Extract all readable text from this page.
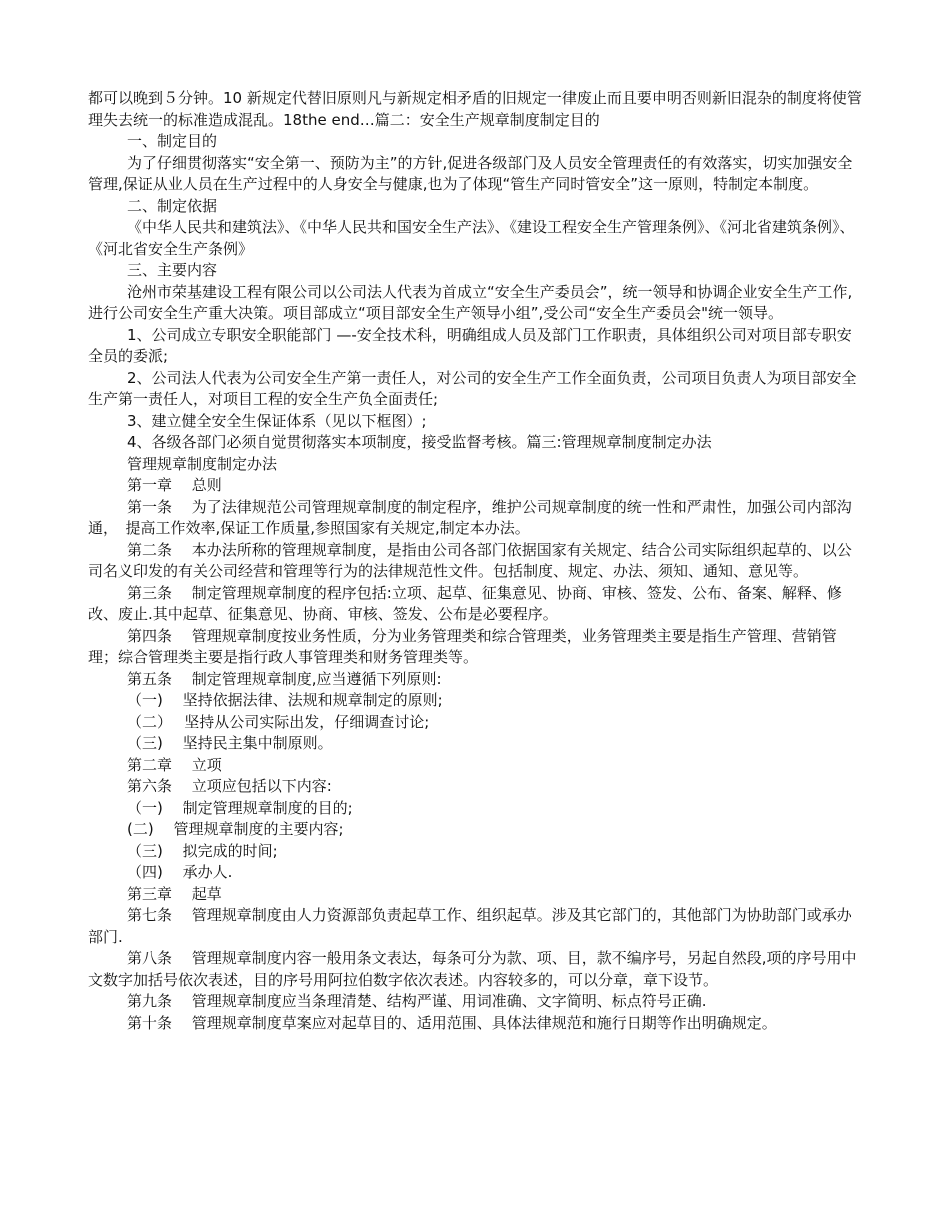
都可以晚到５分钟。10 新规定代替旧原则凡与新规定相矛盾的旧规定一律废止而且要申明否则新旧混杂的制度将使管理失去统一的标准造成混乱。18the end…篇二：安全生产规章制度制定目的

一、制定目的

为了仔细贯彻落实“安全第一、预防为主”的方针,促进各级部门及人员安全管理责任的有效落实，切实加强安全管理,保证从业人员在生产过程中的人身安全与健康,也为了体现“管生产同时管安全”这一原则，特制定本制度。

二、制定依据

《中华人民共和建筑法》、《中华人民共和国安全生产法》、《建设工程安全生产管理条例》、《河北省建筑条例》、《河北省安全生产条例》

三、主要内容

沧州市荣基建设工程有限公司以公司法人代表为首成立“安全生产委员会”，统一领导和协调企业安全生产工作,进行公司安全生产重大决策。项目部成立“项目部安全生产领导小组”,受公司“安全生产委员会"统一领导。

1、公司成立专职安全职能部门 —-安全技术科，明确组成人员及部门工作职责，具体组织公司对项目部专职安全员的委派;

2、公司法人代表为公司安全生产第一责任人，对公司的安全生产工作全面负责，公司项目负责人为项目部安全生产第一责任人，对项目工程的安全生产负全面责任;

3、建立健全安全生保证体系（见以下框图）;

4、各级各部门必须自觉贯彻落实本项制度，接受监督考核。篇三:管理规章制度制定办法

管理规章制度制定办法

第一章　 总则

第一条　 为了法律规范公司管理规章制度的制定程序，维护公司规章制度的统一性和严肃性，加强公司内部沟通，　提高工作效率,保证工作质量,参照国家有关规定,制定本办法。

第二条　 本办法所称的管理规章制度，是指由公司各部门依据国家有关规定、结合公司实际组织起草的、以公司名义印发的有关公司经营和管理等行为的法律规范性文件。包括制度、规定、办法、须知、通知、意见等。

第三条　 制定管理规章制度的程序包括:立项、起草、征集意见、协商、审核、签发、公布、备案、解释、修改、废止.其中起草、征集意见、协商、审核、签发、公布是必要程序。

第四条　 管理规章制度按业务性质，分为业务管理类和综合管理类，业务管理类主要是指生产管理、营销管理；综合管理类主要是指行政人事管理类和财务管理类等。

第五条　 制定管理规章制度,应当遵循下列原则:

（一)　 坚持依据法律、法规和规章制定的原则;

（二）　 坚持从公司实际出发，仔细调查讨论;

（三)　 坚持民主集中制原则。

第二章　 立项

第六条　 立项应包括以下内容:

（一)　 制定管理规章制度的目的;

(二)　 管理规章制度的主要内容;

（三)　 拟完成的时间;

（四)　 承办人.

第三章　 起草

第七条　 管理规章制度由人力资源部负责起草工作、组织起草。涉及其它部门的，其他部门为协助部门或承办部门.

第八条　 管理规章制度内容一般用条文表达，每条可分为款、项、目，款不编序号，另起自然段,项的序号用中文数字加括号依次表述，目的序号用阿拉伯数字依次表述。内容较多的，可以分章，章下设节。

第九条　 管理规章制度应当条理清楚、结构严谨、用词准确、文字简明、标点符号正确.

第十条　 管理规章制度草案应对起草目的、适用范围、具体法律规范和施行日期等作出明确规定。
